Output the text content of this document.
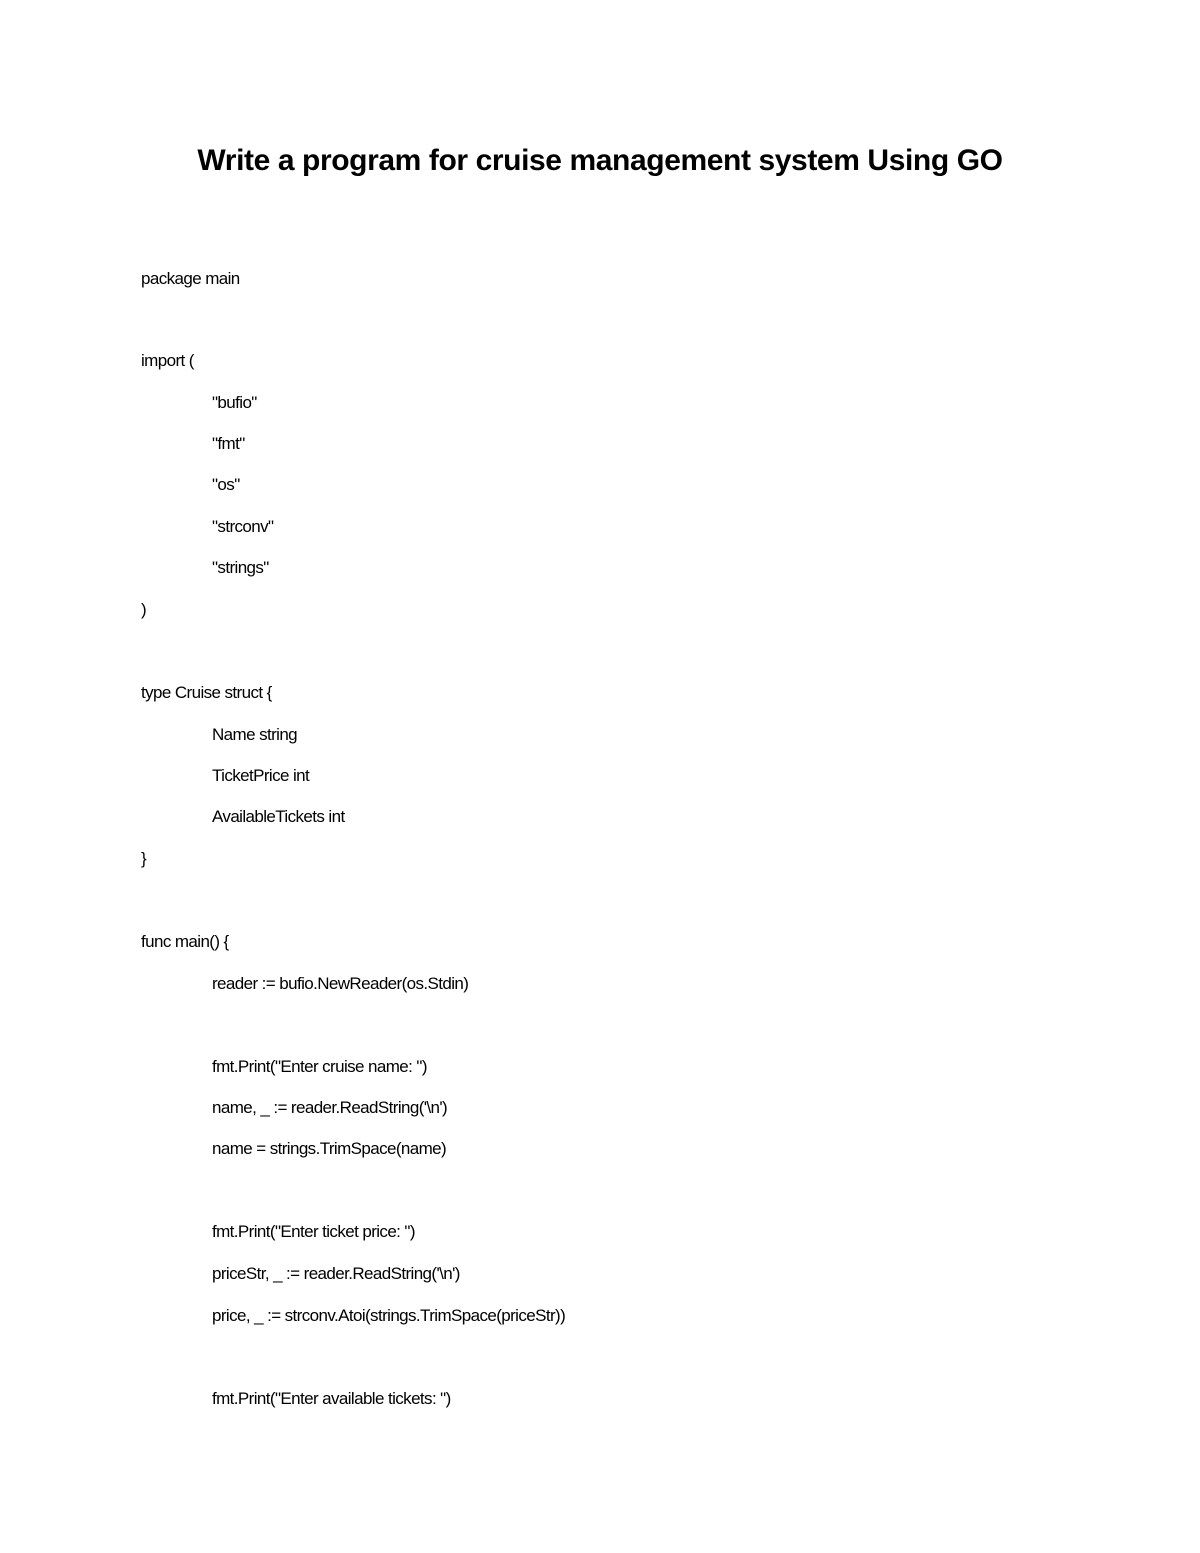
Write a program for cruise management system Using GO
package main
import (
"bufio"
"fmt"
"os"
"strconv"
"strings"
)
type Cruise struct {
Name string
TicketPrice int
AvailableTickets int
}
func main() {
reader := bufio.NewReader(os.Stdin)
fmt.Print("Enter cruise name: ")
name, _ := reader.ReadString('\n')
name = strings.TrimSpace(name)
fmt.Print("Enter ticket price: ")
priceStr, _ := reader.ReadString('\n')
price, _ := strconv.Atoi(strings.TrimSpace(priceStr))
fmt.Print("Enter available tickets: ")
